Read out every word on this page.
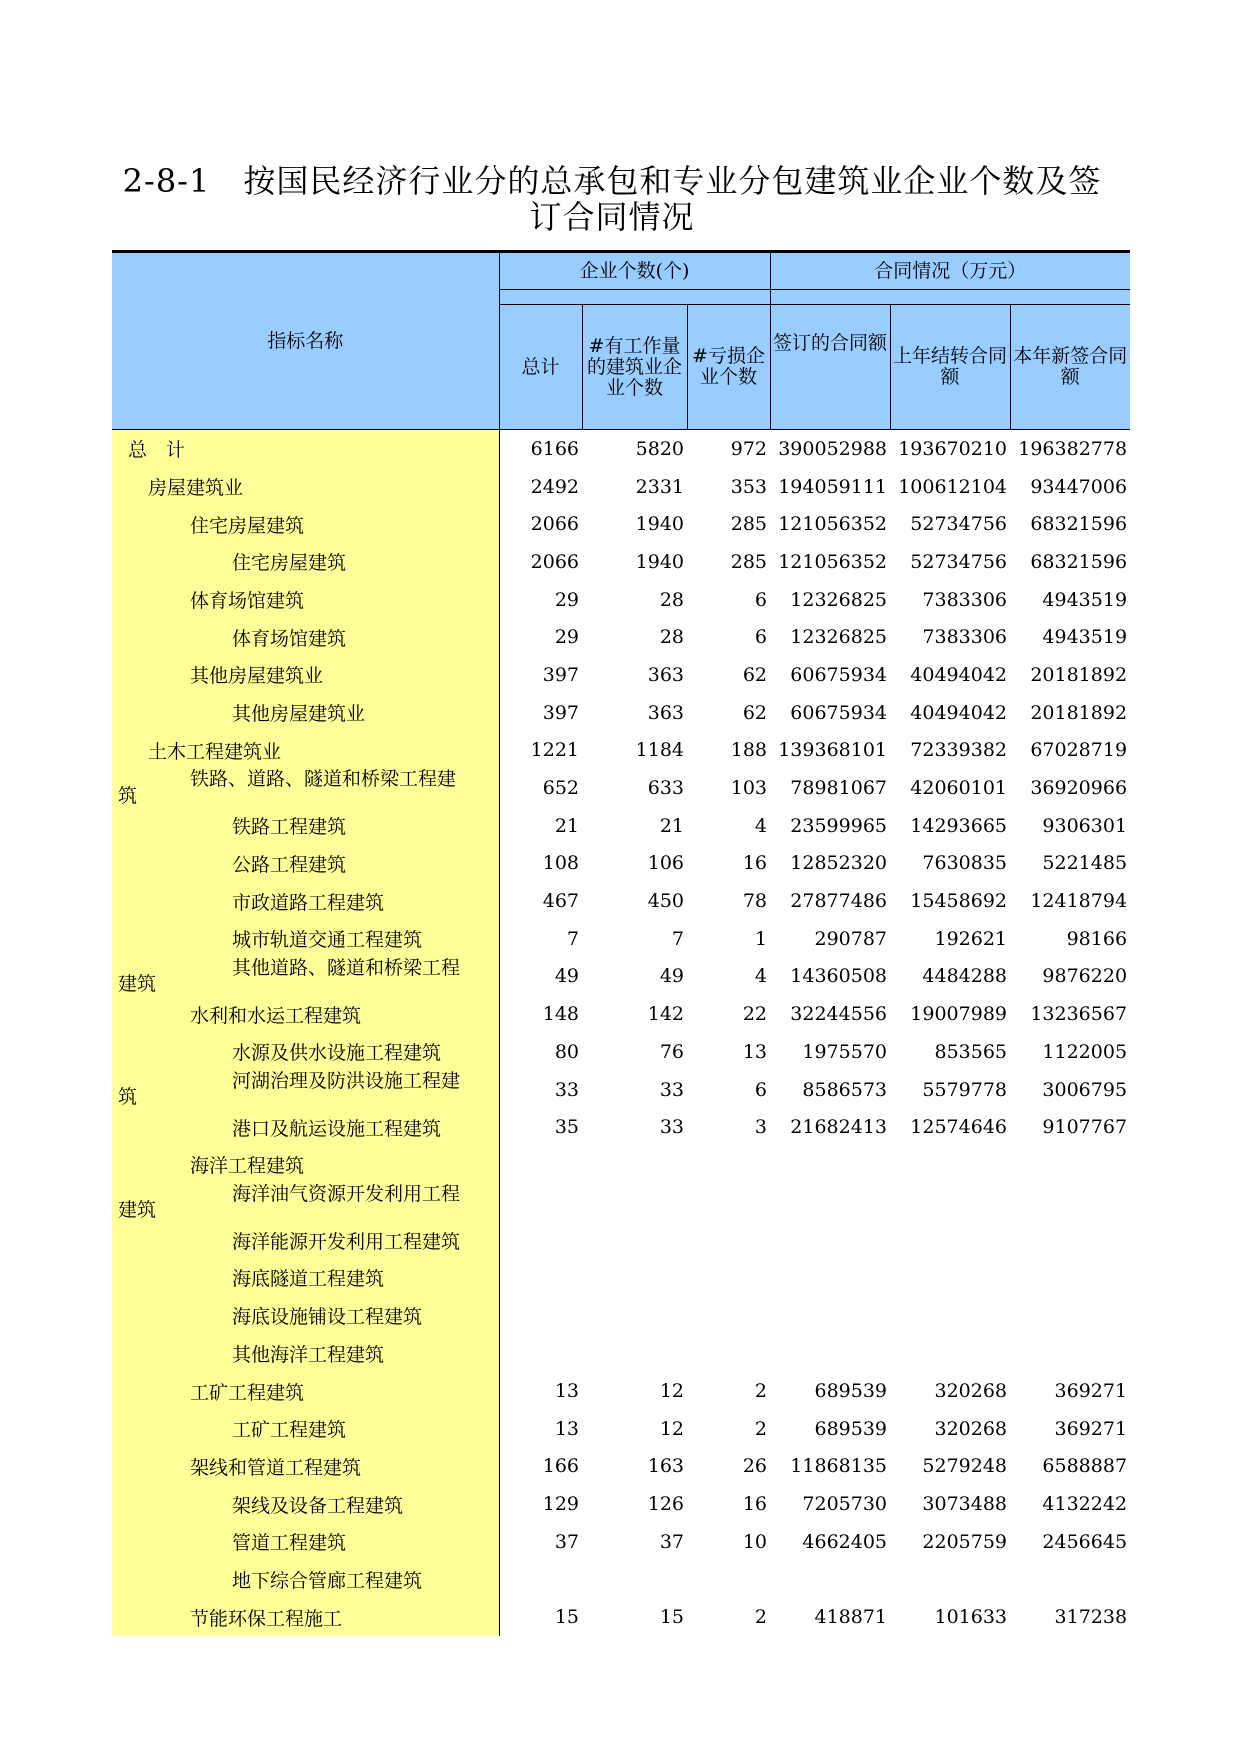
2-8-1　按国民经济行业分的总承包和专业分包建筑业企业个数及签
订合同情况
指标名称	企业个数(个)			合同情况（万元）		

	总计	#有工作量的建筑业企业个数	#亏损企业个数	签订的合同额	上年结转合同额	本年新签合同额

总　计	6166	5820	972	390052988	193670210	196382778

房屋建筑业	2492	2331	353	194059111	100612104	93447006

住宅房屋建筑	2066	1940	285	121056352	52734756	68321596

住宅房屋建筑	2066	1940	285	121056352	52734756	68321596

体育场馆建筑	29	28	6	12326825	7383306	4943519

体育场馆建筑	29	28	6	12326825	7383306	4943519

其他房屋建筑业	397	363	62	60675934	40494042	20181892

其他房屋建筑业	397	363	62	60675934	40494042	20181892

土木工程建筑业	1221	1184	188	139368101	72339382	67028719

铁路、道路、隧道和桥梁工程建
筑	652	633	103	78981067	42060101	36920966

铁路工程建筑	21	21	4	23599965	14293665	9306301

公路工程建筑	108	106	16	12852320	7630835	5221485

市政道路工程建筑	467	450	78	27877486	15458692	12418794

城市轨道交通工程建筑	7	7	1	290787	192621	98166

其他道路、隧道和桥梁工程
建筑	49	49	4	14360508	4484288	9876220

水利和水运工程建筑	148	142	22	32244556	19007989	13236567

水源及供水设施工程建筑	80	76	13	1975570	853565	1122005

河湖治理及防洪设施工程建
筑	33	33	6	8586573	5579778	3006795

港口及航运设施工程建筑	35	33	3	21682413	12574646	9107767

海洋工程建筑						

海洋油气资源开发利用工程
建筑						

海洋能源开发利用工程建筑						

海底隧道工程建筑						

海底设施铺设工程建筑						

其他海洋工程建筑						

工矿工程建筑	13	12	2	689539	320268	369271

工矿工程建筑	13	12	2	689539	320268	369271

架线和管道工程建筑	166	163	26	11868135	5279248	6588887

架线及设备工程建筑	129	126	16	7205730	3073488	4132242

管道工程建筑	37	37	10	4662405	2205759	2456645

地下综合管廊工程建筑						

节能环保工程施工	15	15	2	418871	101633	317238
